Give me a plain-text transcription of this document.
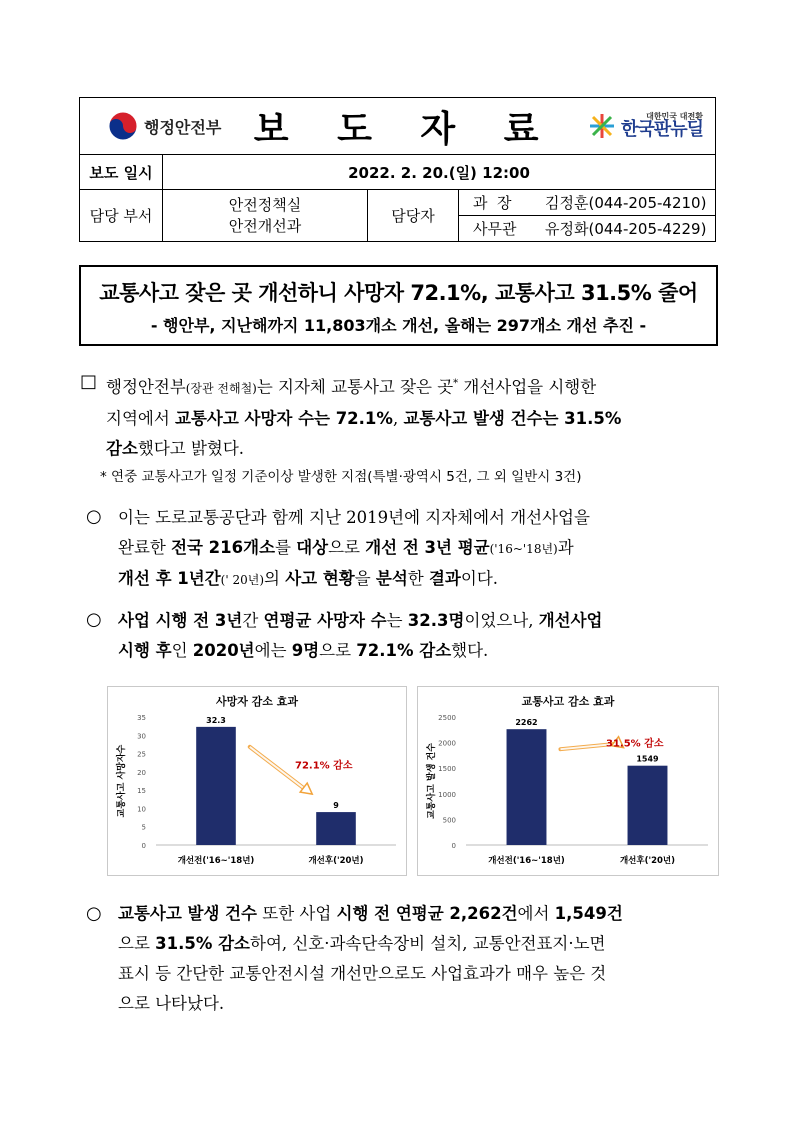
행정안전부 보 도 자 료 대한민국 대전환
한국판뉴딜			

보도 일시	2022. 2. 20.(일) 12:00		
담당 부서	안전정책실
안전개선과	담당자	과  장 김정훈(044-205-4210)
			사무관 유정화(044-205-4229)
교통사고 잦은 곳 개선하니 사망자 72.1%, 교통사고 31.5% 줄어
- 행안부, 지난해까지 11,803개소 개선, 올해는 297개소 개선 추진 -
□ 행정안전부(장관 전해철)는 지자체 교통사고 잦은 곳* 개선사업을 시행한
지역에서 교통사고 사망자 수는 72.1%, 교통사고 발생 건수는 31.5%
감소했다고 밝혔다.
* 연중 교통사고가 일정 기준이상 발생한 지점(특별·광역시 5건, 그 외 일반시 3건)
○ 이는 도로교통공단과 함께 지난 2019년에 지자체에서 개선사업을
완료한 전국 216개소를 대상으로 개선 전 3년 평균('16~'18년)과
개선 후 1년간(' 20년)의 사고 현황을 분석한 결과이다.
○ 사업 시행 전 3년간 연평균 사망자 수는 32.3명이었으나, 개선사업
시행 후인 2020년에는 9명으로 72.1% 감소했다.
사망자 감소 효과
교통사고 사망자수
0
5
10
15
20
25
30
35	32.3
개선전('16~'18년)
9
개선후('20년)
72.1% 감소
교통사고 감소 효과
교통사고 발생 건수
0
500
1000
1500
2000
2500
2262
개선전('16~'18년)
1549
개선후('20년)
31.5% 감소
○ 교통사고 발생 건수 또한 사업 시행 전 연평균 2,262건에서 1,549건
으로 31.5% 감소하여, 신호·과속단속장비 설치, 교통안전표지·노면
표시 등 간단한 교통안전시설 개선만으로도 사업효과가 매우 높은 것
으로 나타났다.
